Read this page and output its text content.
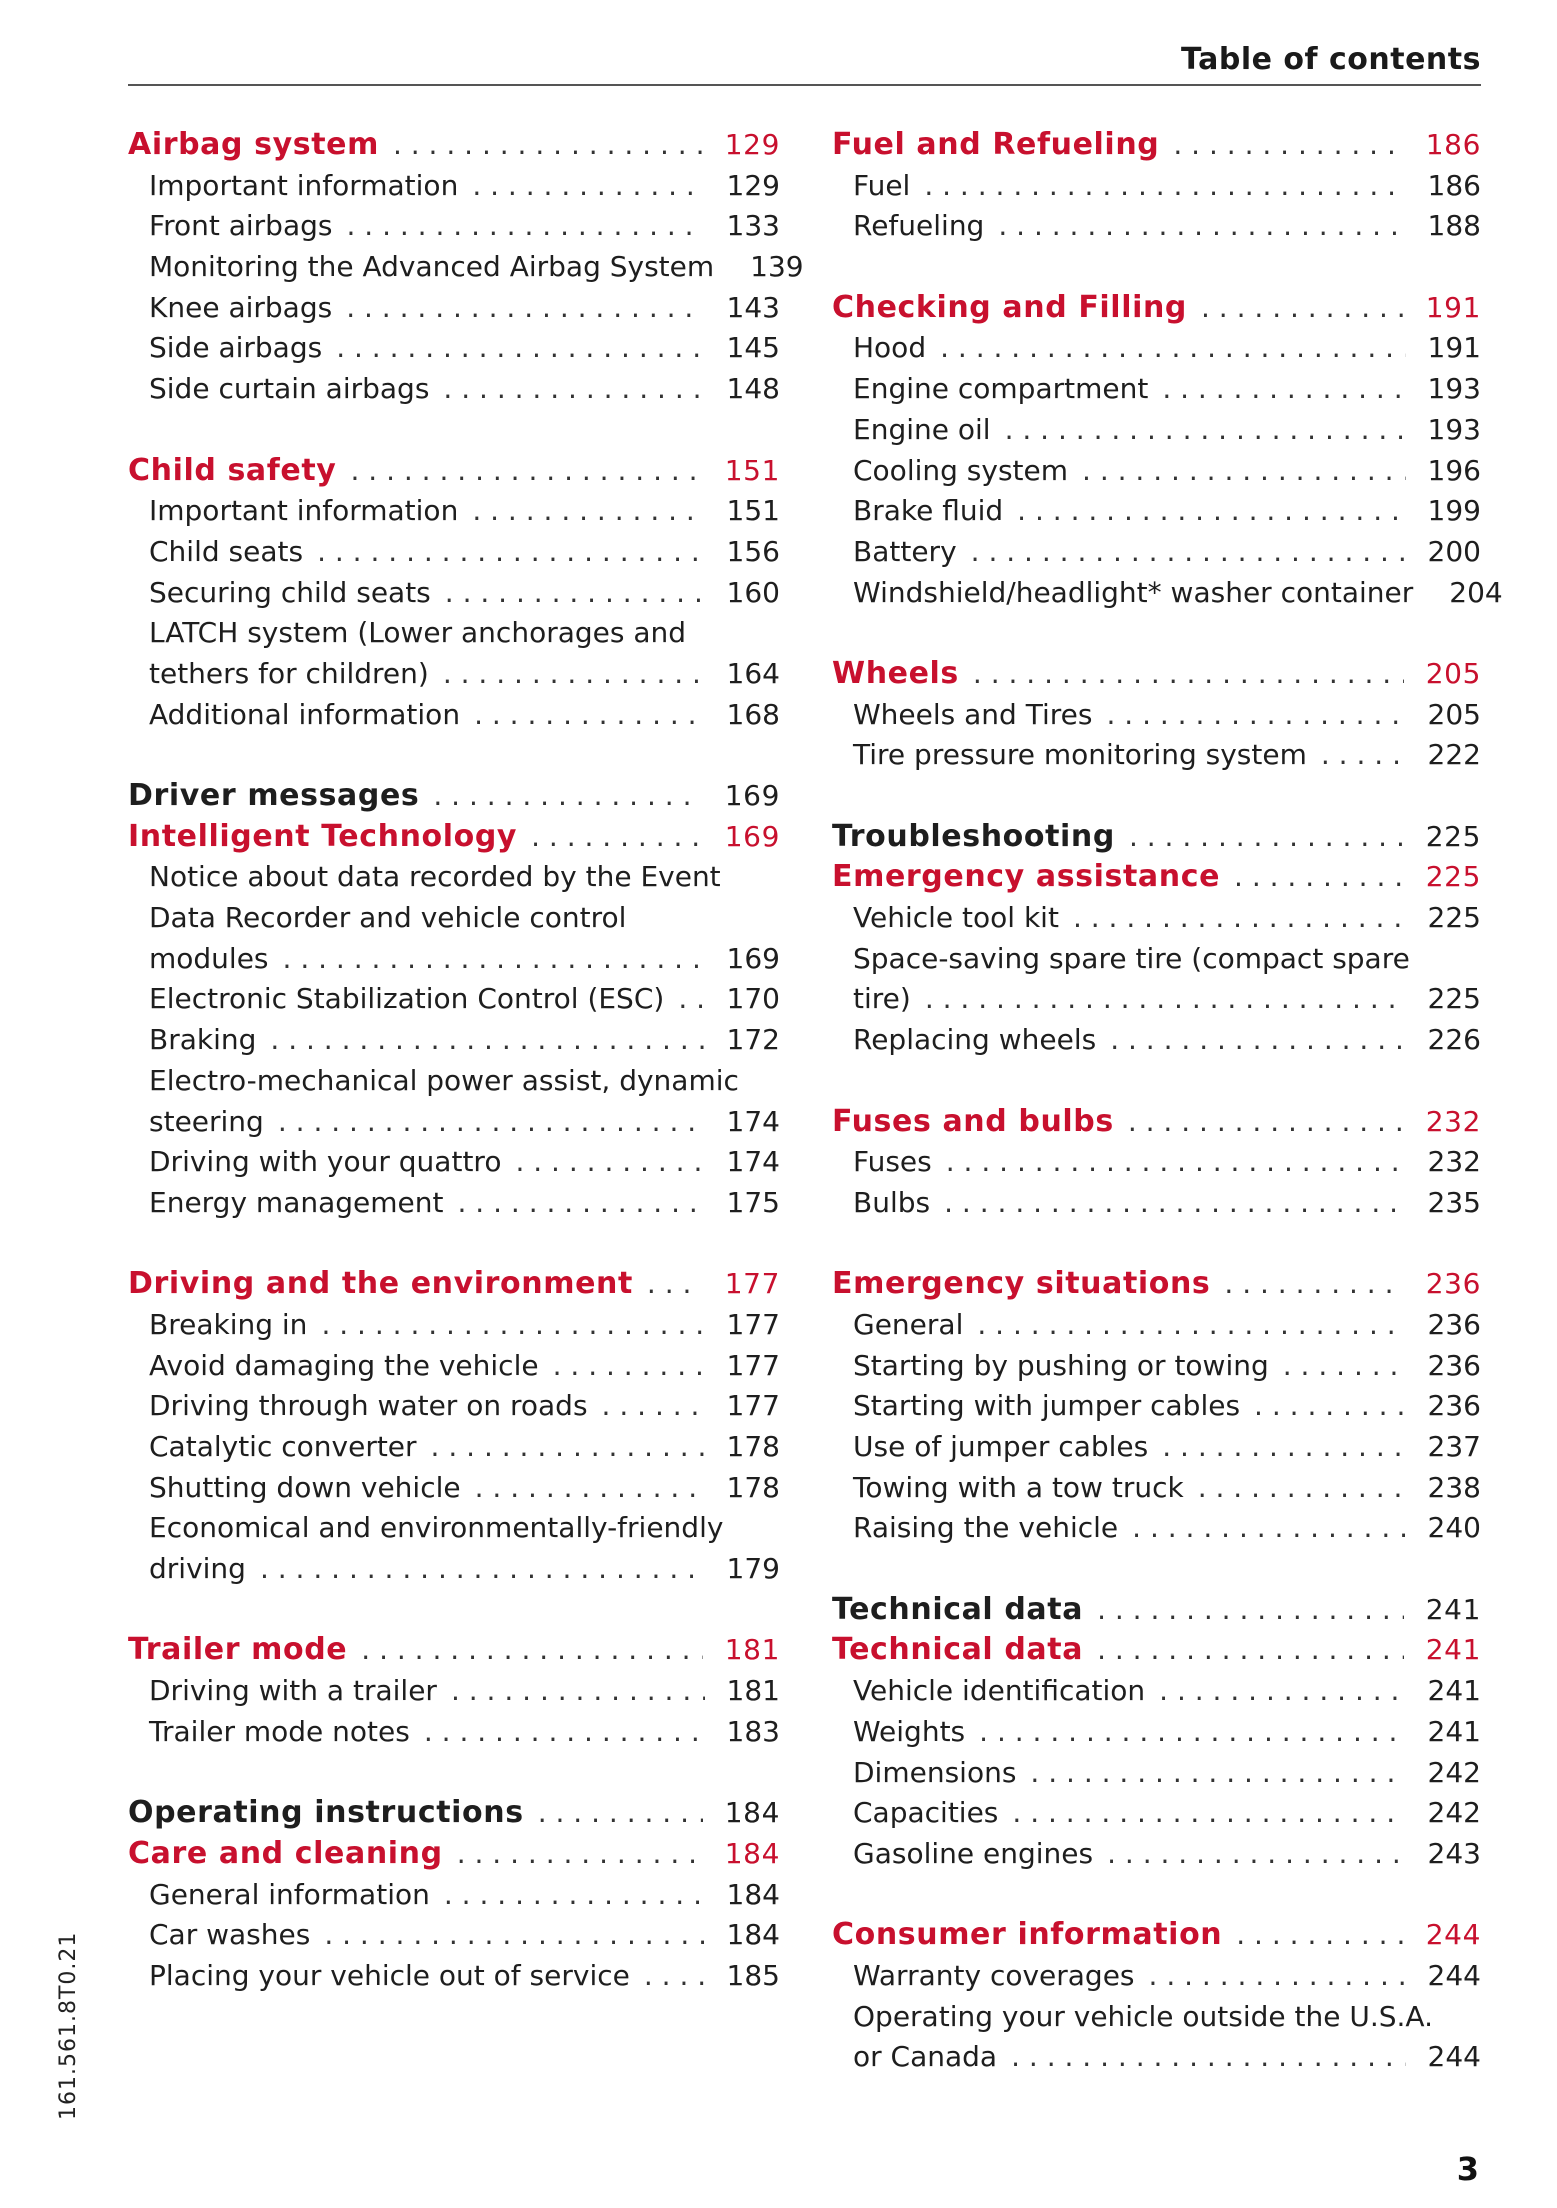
Table of contents
Airbag system . . .	129
Important information . . .	129
Front airbags . . .	133
Monitoring the Advanced Airbag System 139
Knee airbags . . .	143
Side airbags . . .	145
Side curtain airbags . . .	148
Child safety . . .	151
Important information . . .	151
Child seats . . .	156
Securing child seats . . .	160
LATCH system (Lower anchorages and
tethers for children) . . .	164
Additional information . . .	168
Driver messages . . .	169
Intelligent Technology . . .	169
Notice about data recorded by the Event
Data Recorder and vehicle control
modules . . .	169
Electronic Stabilization Control (ESC) . . . 170
Braking . . .	172
Electro-mechanical power assist, dynamic
steering . . .	174
Driving with your quattro . . .	174
Energy management . . .	175
Driving and the environment . . .	177
Breaking in . . .	177
Avoid damaging the vehicle . . .	177
Driving through water on roads . . .	177
Catalytic converter . . .	178
Shutting down vehicle . . .	178
Economical and environmentally-friendly
driving . . .	179
Trailer mode . . .	181
Driving with a trailer . . .	181
Trailer mode notes . . .	183
Operating instructions . . .	184
Care and cleaning . . .	184
General information . . .	184
Car washes . . .	184
Placing your vehicle out of service . . .	185
Fuel and Refueling . . .	186
Fuel . . .	186
Refueling . . .	188
Checking and Filling . . .	191
Hood . . .	191
Engine compartment . . .	193
Engine oil . . .	193
Cooling system . . .	196
Brake fluid . . .	199
Battery . . .	200
Windshield/headlight* washer container 204
Wheels . . .	205
Wheels and Tires . . .	205
Tire pressure monitoring system . . .	222
Troubleshooting . . .	225
Emergency assistance . . .	225
Vehicle tool kit . . .	225
Space-saving spare tire (compact spare
tire) . . .	225
Replacing wheels . . .	226
Fuses and bulbs . . .	232
Fuses . . .	232
Bulbs . . .	235
Emergency situations . . .	236
General . . .	236
Starting by pushing or towing . . .	236
Starting with jumper cables . . .	236
Use of jumper cables . . .	237
Towing with a tow truck . . .	238
Raising the vehicle . . .	240
Technical data . . .	241
Technical data . . .	241
Vehicle identification . . .	241
Weights . . .	241
Dimensions . . .	242
Capacities . . .	242
Gasoline engines . . .	243
Consumer information . . .	244
Warranty coverages . . .	244
Operating your vehicle outside the U.S.A.
or Canada . . .	244
161.561.8T0.21
3
